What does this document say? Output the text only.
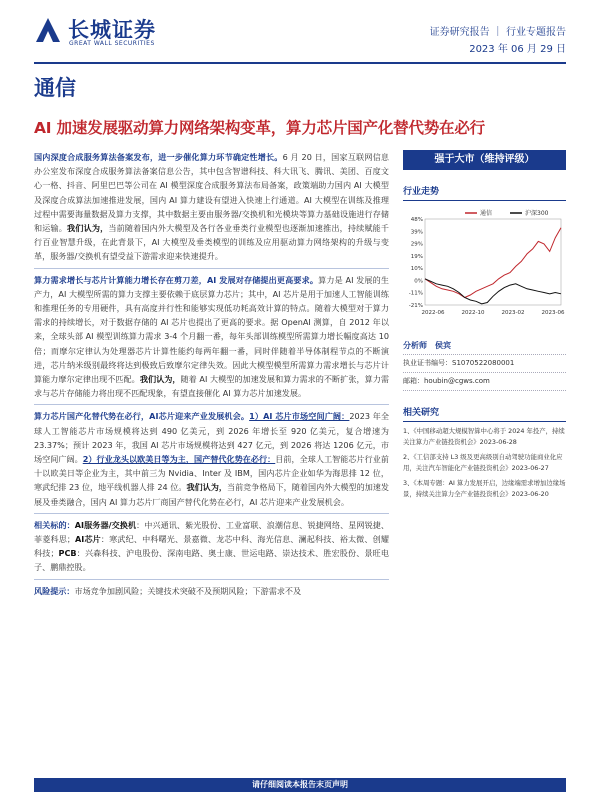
长城证券
GREAT WALL SECURITIES
证券研究报告 ｜ 行业专题报告
2023 年 06 月 29 日
通信
AI 加速发展驱动算力网络架构变革，算力芯片国产化替代势在必行

国内深度合成服务算法备案发布，进一步催化算力环节确定性增长。6 月 20 日，国家互联网信息办公室发布深度合成服务算法备案信息公告，其中包含智谱科技、科大讯飞、腾讯、美团、百度文心一格、抖音、阿里巴巴等公司在 AI 模型深度合成服务算法布局备案，政策端助力国内 AI 大模型及深度合成算法加速推进发展，国内 AI 算力建设有望进入快速上行通道。AI 大模型在训练及推理过程中需要海量数据及算力支撑，其中数据主要由服务器/交换机和光模块等算力基础设施进行存储和运输。我们认为，当前随着国内外大模型及各行各业垂类行业模型也逐渐加速推出，持续赋能千行百业智慧升级，在此背景下，AI 大模型及垂类模型的训练及应用驱动算力网络架构的升级与变革，服务器/交换机有望受益下游需求迎来快速提升。

算力需求增长与芯片计算能力增长存在剪刀差，AI 发展对存储提出更高要求。算力是 AI 发展的生产力，AI 大模型所需的算力支撑主要依赖于底层算力芯片；其中，AI 芯片是用于加速人工智能训练和推理任务的专用硬件，具有高度并行性和能够实现低功耗高效计算的特点。随着大模型对于算力需求的持续增长，对于数据存储的 AI 芯片也提出了更高的要求。据 OpenAI 测算，自 2012 年以来，全球头部 AI 模型训练算力需求 3-4 个月翻一番，每年头部训练模型所需算力增长幅度高达 10 倍；而摩尔定律认为处理器芯片计算性能约每两年翻一番，同时伴随着半导体制程节点的不断演进，芯片纳米级别最终将达到极致后致摩尔定律失效。因此大模型模型所需算力需求增长与芯片计算能力摩尔定律出现不匹配。我们认为，随着 AI 大模型的加速发展和算力需求的不断扩张，算力需求与芯片存储能力将出现不匹配现象，有望直接催化 AI 算力芯片加速发展。

算力芯片国产化替代势在必行，AI芯片迎来产业发展机会。1）AI 芯片市场空间广阔：2023 年全球人工智能芯片市场规模将达到 490 亿美元，到 2026 年增长至 920 亿美元，复合增速为 23.37%；预计 2023 年，我国 AI 芯片市场规模将达到 427 亿元，到 2026 将达 1206 亿元，市场空间广阔。2）行业龙头以欧美日等为主，国产替代化势在必行：目前，全球人工智能芯片行业前十以欧美日等企业为主，其中前三为 Nvidia、Inter 及 IBM，国内芯片企业如华为海思排 12 位，寒武纪排 23 位，地平线机器人排 24 位。我们认为，当前竞争格局下，随着国内外大模型的加速发展及垂类融合，国内 AI 算力芯片厂商国产替代化势在必行，AI 芯片迎来产业发展机会。

相关标的：AI服务器/交换机：中兴通讯、紫光股份、工业富联、浪潮信息、锐捷网络、星网锐捷、菲菱科思；AI芯片：寒武纪、中科曙光、景嘉微、龙芯中科、海光信息、澜起科技、裕太微、创耀科技；PCB：兴森科技、沪电股份、深南电路、奥士康、世运电路、崇达技术、胜宏股份、景旺电子、鹏鼎控股。

风险提示：市场竞争加剧风险；关键技术突破不及预期风险；下游需求不及

强于大市（维持评级）
行业走势
48%
39%
29%
19%
10%
0%
-11%
-21%
2022-06	2022-10	2023-02	2023-06
通信	沪深300
分析师　侯宾
执业证书编号：S1070522080001
邮箱：houbin@cgws.com
相关研究
1、《中国移动超大规模智算中心将于 2024 年投产，持续关注算力产业链投资机会》2023-06-28
2、《工信部支持 L3 级及更高级别自动驾驶功能商业化应用，关注汽车智能化产业链投资机会》2023-06-27
3、《本周专题：AI 算力发展开启，边缘端需求增加边缘场景，持续关注算力全产业链投资机会》2023-06-20
请仔细阅读本报告末页声明
